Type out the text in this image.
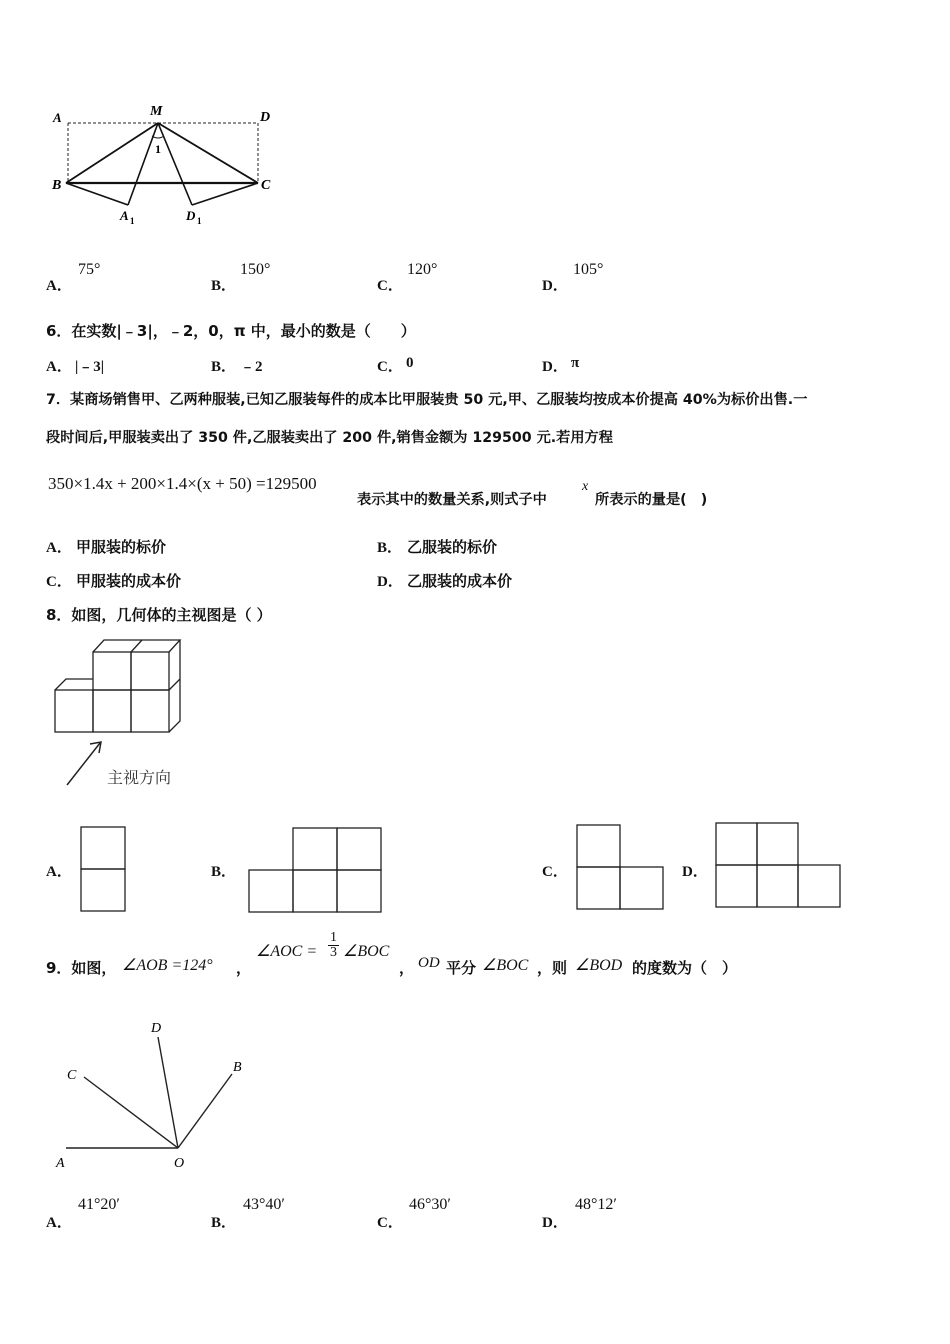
A	M	D
B	C
1
A 1	D 1
A．
75°
B．
150°
C．
120°
D．
105°
6．在实数|﹣3|，﹣2，0，π 中，最小的数是（　　）
A． |﹣3|	B． ﹣2	C． 0	D． π
7．某商场销售甲、乙两种服装,已知乙服装每件的成本比甲服装贵 50 元,甲、乙服装均按成本价提高 40%为标价出售.一
段时间后,甲服装卖出了 350 件,乙服装卖出了 200 件,销售金额为 129500 元.若用方程
350×1.4x + 200×1.4×(x + 50) =129500
表示其中的数量关系,则式子中
x
所表示的量是(　)
A． 甲服装的标价	B． 乙服装的标价
C． 甲服装的成本价	D． 乙服装的成本价
8．如图，几何体的主视图是（ ）
主视方向
A．	B．	C．	D．
9．如图， ∠AOB =124° ，
∠AOC = $\frac{1}{3}$ ∠BOC
， OD 平分 ∠BOC ，则 ∠BOD 的度数为（　）
A	O
C
D
B
A．
41°20′
B．
43°40′
C．
46°30′
D．
48°12′
